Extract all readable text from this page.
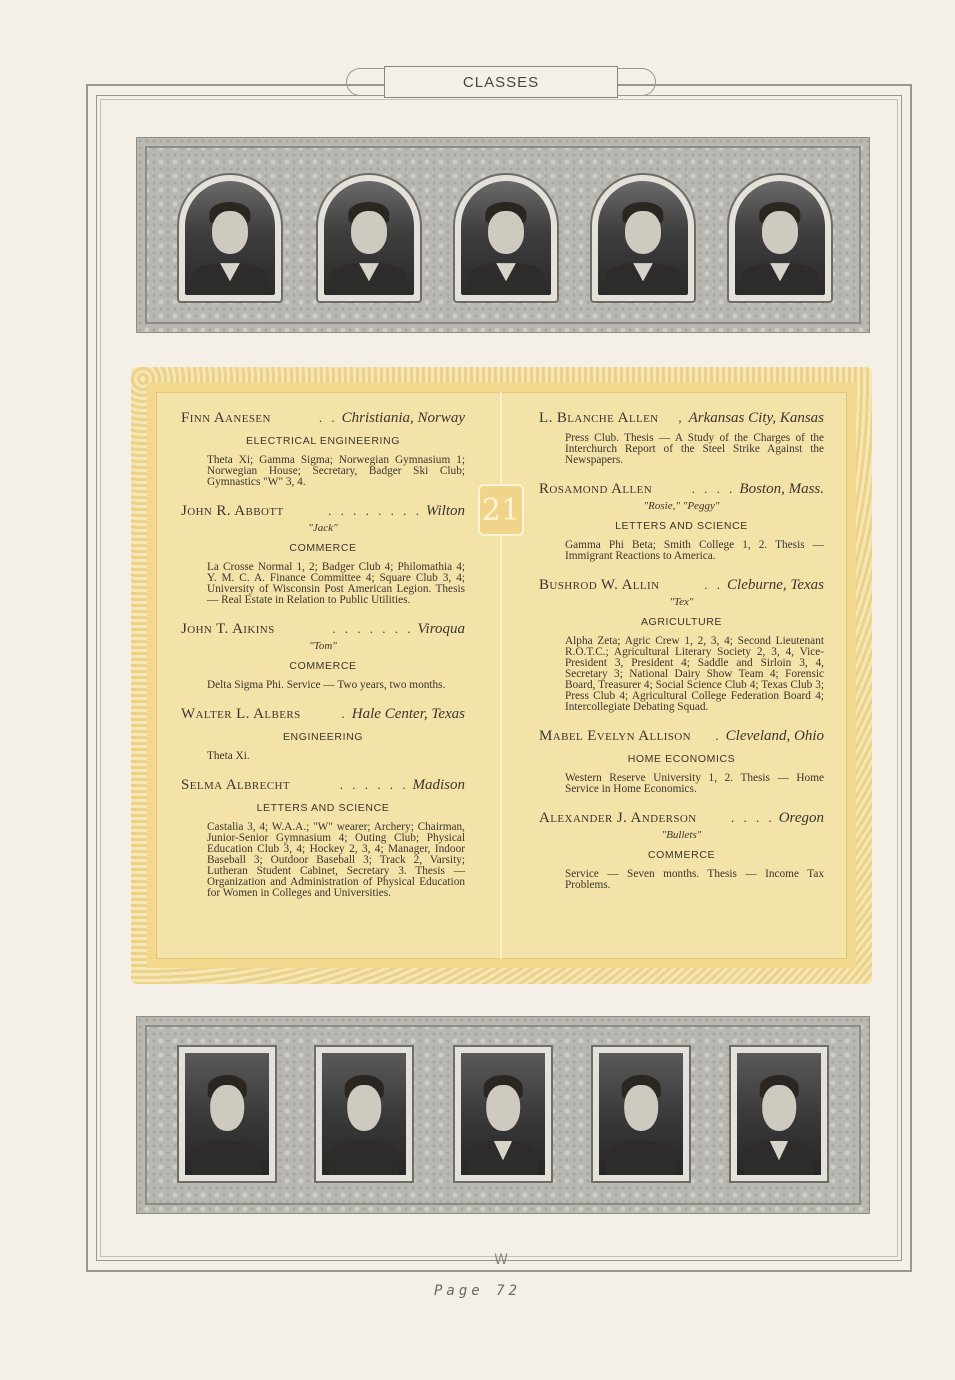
CLASSES
21
Finn Aanesen	. . Christiania, Norway
ELECTRICAL ENGINEERING
Theta Xi; Gamma Sigma; Norwegian Gymnasium 1; Norwegian House; Secretary, Badger Ski Club; Gymnastics "W" 3, 4.
John R. Abbott	. . . . . . . . Wilton
"Jack"
COMMERCE
La Crosse Normal 1, 2; Badger Club 4; Philomathia 4; Y. M. C. A. Finance Committee 4; Square Club 3, 4; University of Wisconsin Post American Legion. Thesis — Real Estate in Relation to Public Utilities.
John T. Aikins	. . . . . . . Viroqua
"Tom"
COMMERCE
Delta Sigma Phi. Service — Two years, two months.
Walter L. Albers	. Hale Center, Texas
ENGINEERING
Theta Xi.
Selma Albrecht	. . . . . . Madison
LETTERS AND SCIENCE
Castalia 3, 4; W.A.A.; "W" wearer; Archery; Chairman, Junior-Senior Gymnasium 4; Outing Club; Physical Education Club 3, 4; Hockey 2, 3, 4; Manager, Indoor Baseball 3; Outdoor Baseball 3; Track 2, Varsity; Lutheran Student Cabinet, Secretary 3. Thesis — Organization and Administration of Physical Education for Women in Colleges and Universities.
L. Blanche Allen	, Arkansas City, Kansas
Press Club. Thesis — A Study of the Charges of the Interchurch Report of the Steel Strike Against the Newspapers.
Rosamond Allen	. . . . Boston, Mass.
"Rosie," "Peggy"
LETTERS AND SCIENCE
Gamma Phi Beta; Smith College 1, 2. Thesis — Immigrant Reactions to America.
Bushrod W. Allin	. . Cleburne, Texas
"Tex"
AGRICULTURE
Alpha Zeta; Agric Crew 1, 2, 3, 4; Second Lieutenant R.O.T.C.; Agricultural Literary Society 2, 3, 4, Vice-President 3, President 4; Saddle and Sirloin 3, 4, Secretary 3; National Dairy Show Team 4; Forensic Board, Treasurer 4; Social Science Club 4; Texas Club 3; Press Club 4; Agricultural College Federation Board 4; Intercollegiate Debating Squad.
Mabel Evelyn Allison	. Cleveland, Ohio
HOME ECONOMICS
Western Reserve University 1, 2. Thesis — Home Service in Home Economics.
Alexander J. Anderson	. . . . Oregon
"Bullets"
COMMERCE
Service — Seven months. Thesis — Income Tax Problems.
W
Page 72
